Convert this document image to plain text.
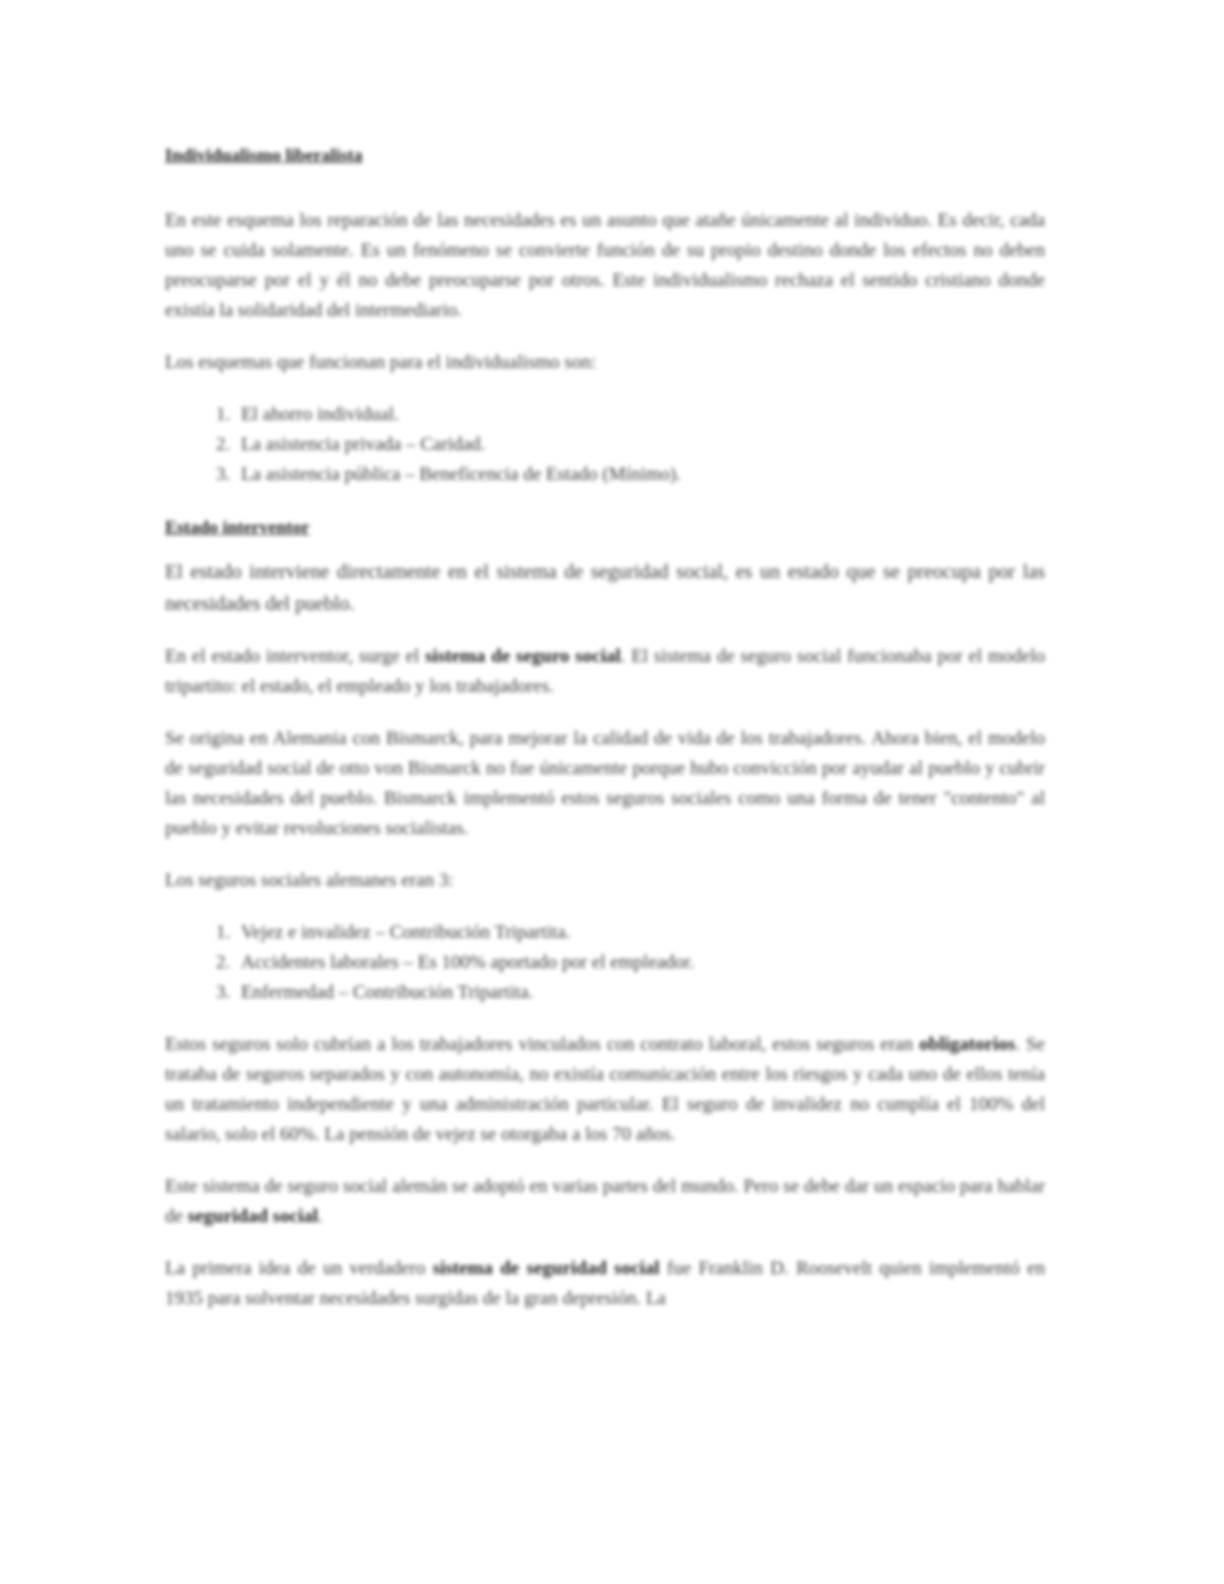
Individualismo liberalista

En este esquema los reparación de las necesidades es un asunto que atañe únicamente al individuo. Es decir, cada uno se cuida solamente. Es un fenómeno se convierte función de su propio destino donde los efectos no deben preocuparse por el y él no debe preocuparse por otros. Este individualismo rechaza el sentido cristiano donde existía la solidaridad del intermediario.

Los esquemas que funcionan para el individualismo son:

1. El ahorro individual.
2. La asistencia privada – Caridad.
3. La asistencia pública – Beneficencia de Estado (Mínimo).
Estado interventor

El estado interviene directamente en el sistema de seguridad social, es un estado que se preocupa por las necesidades del pueblo.

En el estado interventor, surge el sistema de seguro social. El sistema de seguro social funcionaba por el modelo tripartito: el estado, el empleado y los trabajadores.

Se origina en Alemania con Bismarck, para mejorar la calidad de vida de los trabajadores. Ahora bien, el modelo de seguridad social de otto von Bismarck no fue únicamente porque hubo convicción por ayudar al pueblo y cubrir las necesidades del pueblo. Bismarck implementó estos seguros sociales como una forma de tener "contento" al pueblo y evitar revoluciones socialistas.

Los seguros sociales alemanes eran 3:

1. Vejez e invalidez – Contribución Tripartita.
2. Accidentes laborales – Es 100% aportado por el empleador.
3. Enfermedad – Contribución Tripartita.

Estos seguros solo cubrían a los trabajadores vinculados con contrato laboral, estos seguros eran obligatorios. Se trataba de seguros separados y con autonomía, no existía comunicación entre los riesgos y cada uno de ellos tenía un tratamiento independiente y una administración particular. El seguro de invalidez no cumplía el 100% del salario, solo el 60%. La pensión de vejez se otorgaba a los 70 años.

Este sistema de seguro social alemán se adoptó en varias partes del mundo. Pero se debe dar un espacio para hablar de seguridad social.

La primera idea de un verdadero sistema de seguridad social fue Franklin D. Roosevelt quien implementó en 1935 para solventar necesidades surgidas de la gran depresión. La
